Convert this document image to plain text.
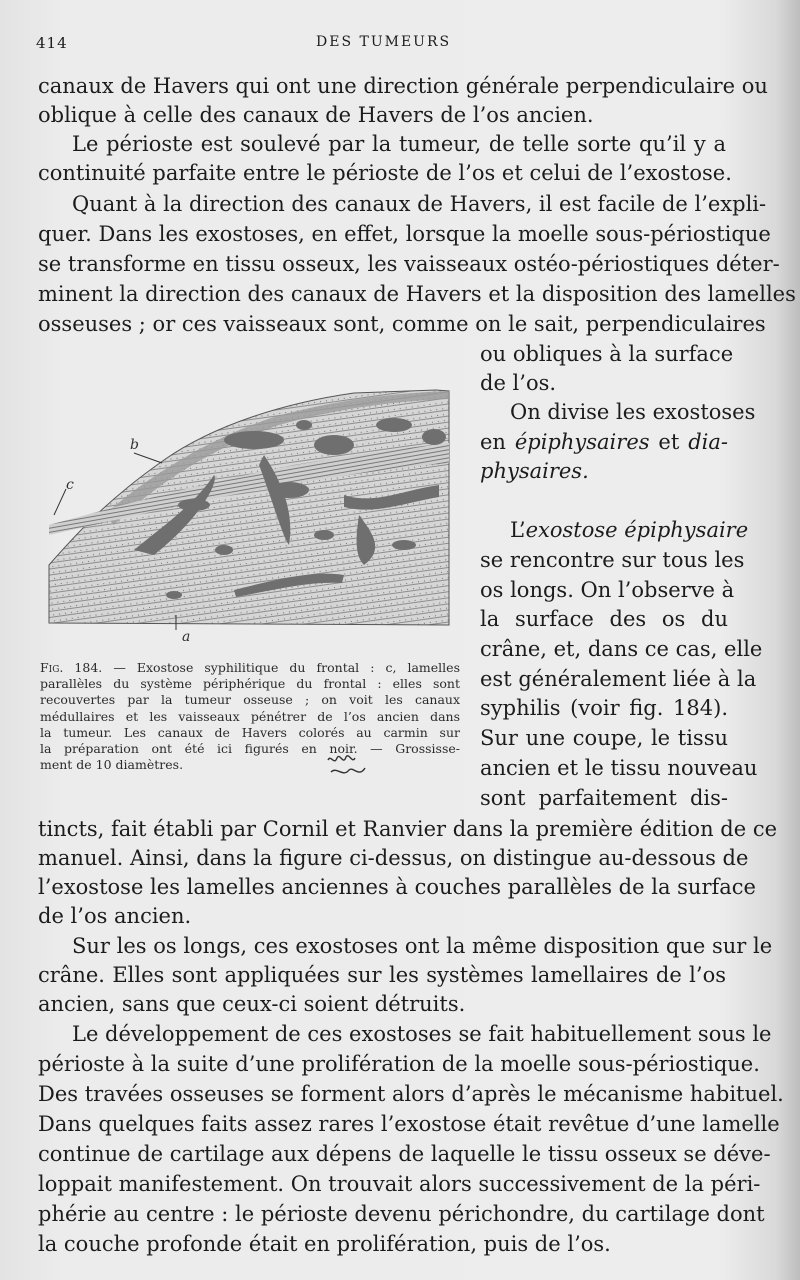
414	DES TUMEURS
canaux de Havers qui ont une direction générale perpendiculaire ou
oblique à celle des canaux de Havers de l’os ancien.
Le périoste est soulevé par la tumeur, de telle sorte qu’il y a
continuité parfaite entre le périoste de l’os et celui de l’exostose.
Quant à la direction des canaux de Havers, il est facile de l’expli-
quer. Dans les exostoses, en effet, lorsque la moelle sous-périostique
se transforme en tissu osseux, les vaisseaux ostéo-périostiques déter-
minent la direction des canaux de Havers et la disposition des lamelles
osseuses ; or ces vaisseaux sont, comme on le sait, perpendiculaires
ou obliques à la surface
de l’os.
On divise les exostoses
en épiphysaires et dia-
physaires.
L’exostose épiphysaire
se rencontre sur tous les
os longs. On l’observe à
la surface des os du
crâne, et, dans ce cas, elle
est généralement liée à la
syphilis (voir fig. 184).
Sur une coupe, le tissu
ancien et le tissu nouveau
sont parfaitement dis-
b
c
a
Fig. 184. — Exostose syphilitique du frontal : c, lamelles
parallèles du système périphérique du frontal : elles sont
recouvertes par la tumeur osseuse ; on voit les canaux
médullaires et les vaisseaux pénétrer de l’os ancien dans
la tumeur. Les canaux de Havers colorés au carmin sur
la préparation ont été ici figurés en noir. — Grossisse-
ment de 10 diamètres.
tincts, fait établi par Cornil et Ranvier dans la première édition de ce
manuel. Ainsi, dans la figure ci-dessus, on distingue au-dessous de
l’exostose les lamelles anciennes à couches parallèles de la surface
de l’os ancien.
Sur les os longs, ces exostoses ont la même disposition que sur le
crâne. Elles sont appliquées sur les systèmes lamellaires de l’os
ancien, sans que ceux-ci soient détruits.
Le développement de ces exostoses se fait habituellement sous le
périoste à la suite d’une prolifération de la moelle sous-périostique.
Des travées osseuses se forment alors d’après le mécanisme habituel.
Dans quelques faits assez rares l’exostose était revêtue d’une lamelle
continue de cartilage aux dépens de laquelle le tissu osseux se déve-
loppait manifestement. On trouvait alors successivement de la péri-
phérie au centre : le périoste devenu périchondre, du cartilage dont
la couche profonde était en prolifération, puis de l’os.
